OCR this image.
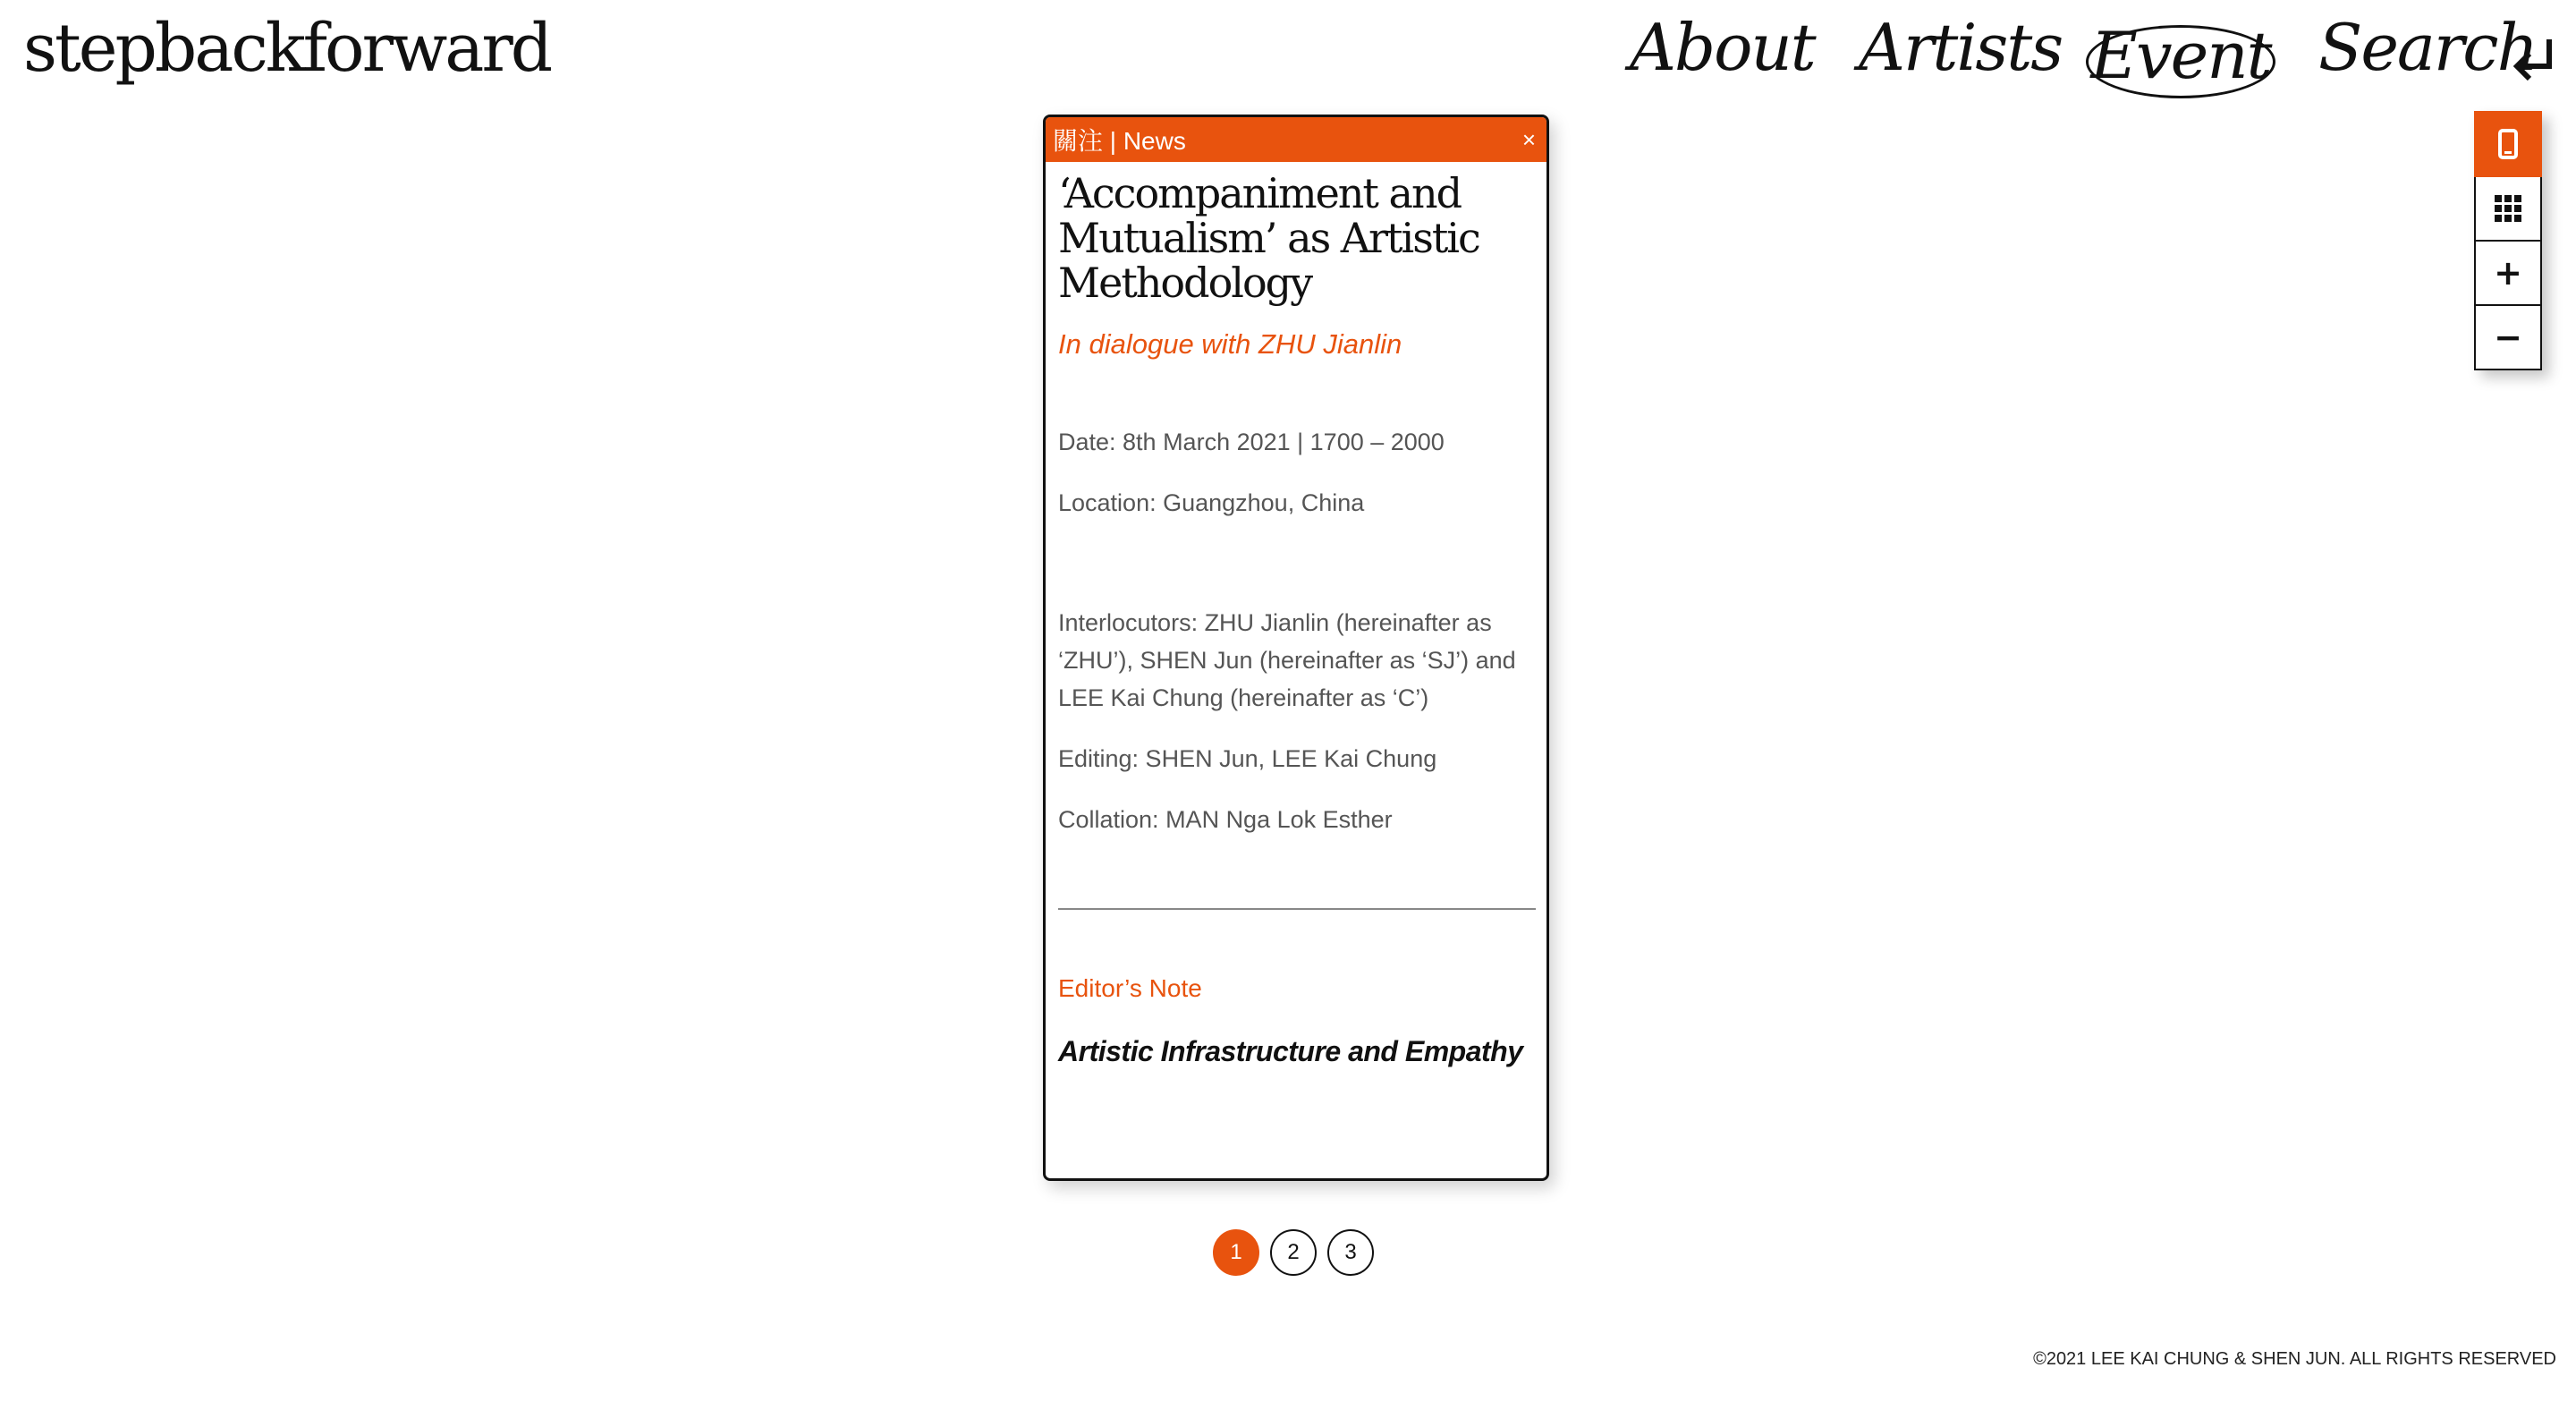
stepbackforward	About Artists Event Search
+
−
關注 | News	×
‘Accompaniment and Mutualism’ as Artistic Methodology
In dialogue with ZHU Jianlin
Date: 8th March 2021 | 1700 – 2000
Location: Guangzhou, China
Interlocutors: ZHU Jianlin (hereinafter as ‘ZHU’), SHEN Jun (hereinafter as ‘SJ’) and LEE Kai Chung (hereinafter as ‘C’)
Editing: SHEN Jun, LEE Kai Chung
Collation: MAN Nga Lok Esther
Editor’s Note
Artistic Infrastructure and Empathy
1	2	3
©2021 LEE KAI CHUNG & SHEN JUN. ALL RIGHTS RESERVED
